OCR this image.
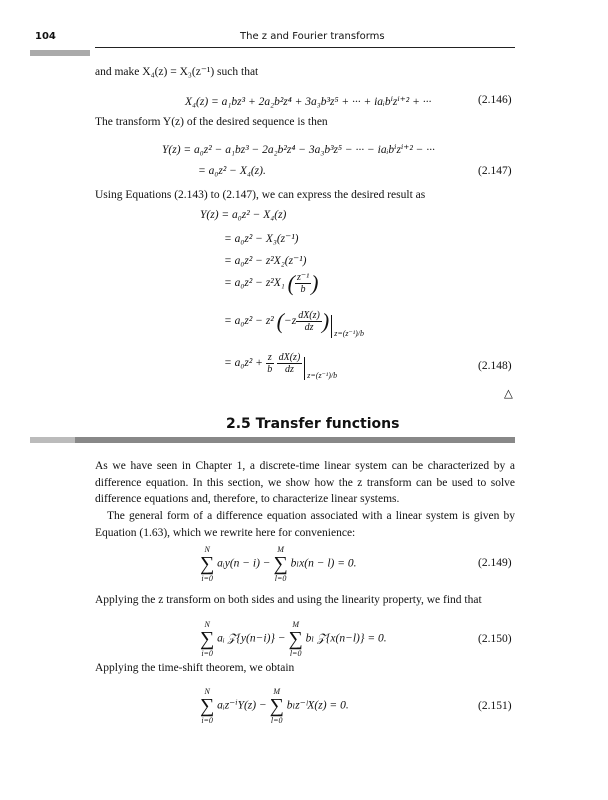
104	The z and Fourier transforms
and make X₄(z) = X₃(z⁻¹) such that
X₄(z) = a₁bz³ + 2a₂b²z⁴ + 3a₃b³z⁵ + ··· + iaᵢbⁱzⁱ⁺² + ···	(2.146)
The transform Y(z) of the desired sequence is then
Y(z) = a₀z² − a₁bz³ − 2a₂b²z⁴ − 3a₃b³z⁵ − ··· − iaᵢbⁱzⁱ⁺² − ···
= a₀z² − X₄(z).	(2.147)
Using Equations (2.143) to (2.147), we can express the desired result as
Y(z) = a₀z² − X₄(z)
= a₀z² − X₃(z⁻¹)
= a₀z² − z²X₂(z⁻¹)
= a₀z² − z²X₁ ( $\frac{\text{z⁻¹}}{b}$ )
= a₀z² − z² $(-z \frac{dX(z)}{dz} )_{z=(z^{-1})/b}$
= $a_0z^2 + \frac{z}{b}$
$\frac{dX(z)}{dz}$
$_{z=(z^{-1})/b}$
(2.148)
△
2.5 Transfer functions
As we have seen in Chapter 1, a discrete-time linear system can be characterized by a difference equation. In this section, we show how the z transform can be used to solve difference equations and, therefore, to characterize linear systems.
The general form of a difference equation associated with a linear system is given by Equation (1.63), which we rewrite here for convenience:
N
∑
i=0
aᵢy(n − i) −
M
∑
l=0
bₗx(n − l) = 0.	(2.149)
Applying the z transform on both sides and using the linearity property, we find that
N
∑
i=0
aᵢ 𝒵{y(n−i)} −
M
∑
l=0
bₗ 𝒵{x(n−l)} = 0.	(2.150)
Applying the time-shift theorem, we obtain
N
∑
i=0
aᵢz⁻ⁱY(z) −
M
∑
l=0
bₗz⁻ˡX(z) = 0.	(2.151)
